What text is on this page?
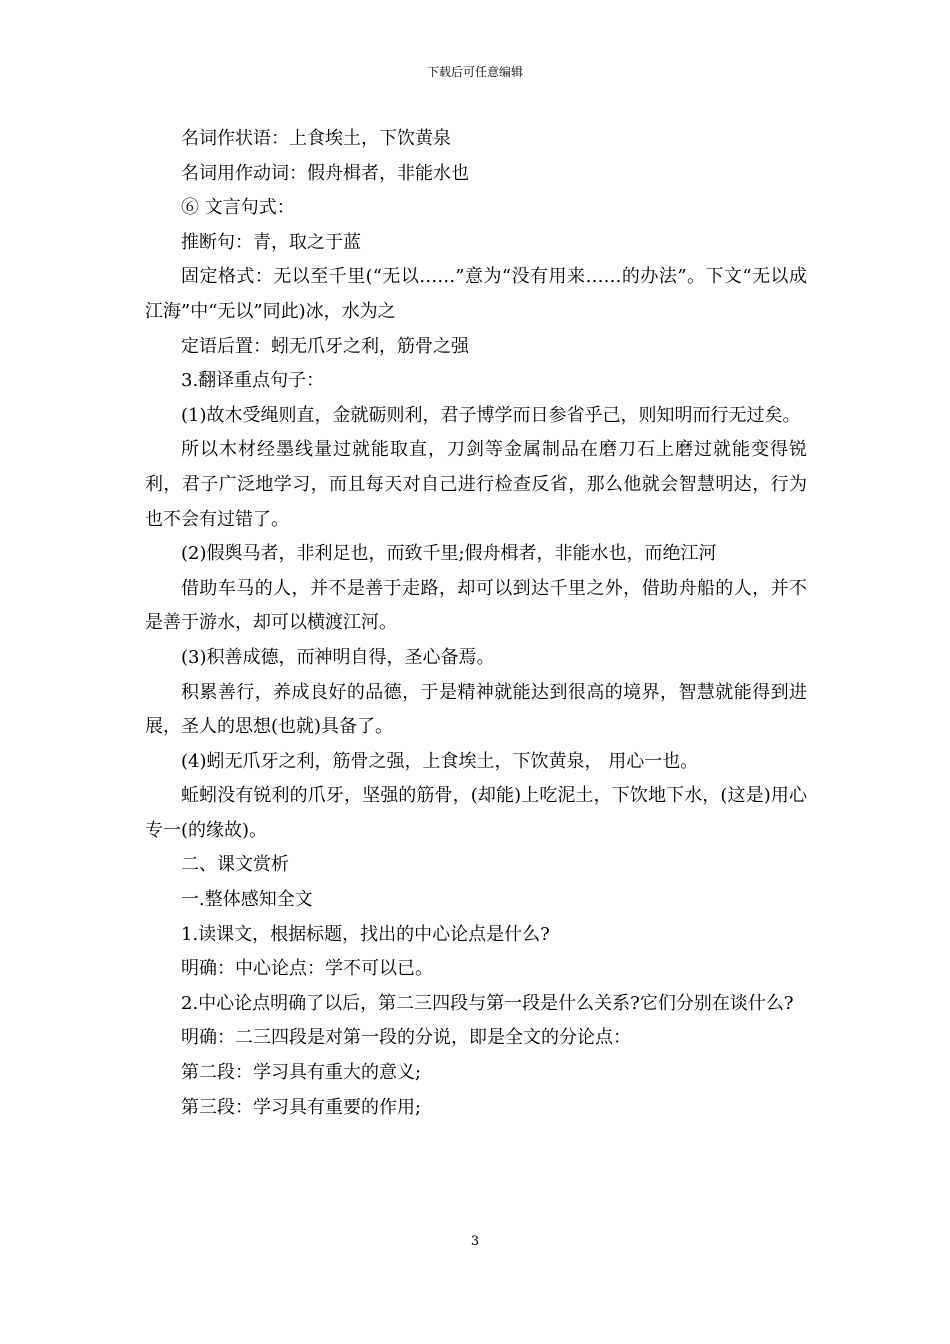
下载后可任意编辑

名词作状语：上食埃土，下饮黄泉

名词用作动词：假舟楫者，非能水也

⑥ 文言句式：

推断句：青，取之于蓝

固定格式：无以至千里(“无以……”意为“没有用来……的办法”。下文“无以成江海”中“无以”同此)冰，水为之

定语后置：蚓无爪牙之利，筋骨之强

3.翻译重点句子：

(1)故木受绳则直，金就砺则利，君子博学而日参省乎己，则知明而行无过矣。

所以木材经墨线量过就能取直，刀剑等金属制品在磨刀石上磨过就能变得锐利，君子广泛地学习，而且每天对自己进行检查反省，那么他就会智慧明达，行为也不会有过错了。

(2)假舆马者，非利足也，而致千里;假舟楫者，非能水也，而绝江河

借助车马的人，并不是善于走路，却可以到达千里之外，借助舟船的人，并不是善于游水，却可以横渡江河。

(3)积善成德，而神明自得，圣心备焉。

积累善行，养成良好的品德，于是精神就能达到很高的境界，智慧就能得到进展，圣人的思想(也就)具备了。

(4)蚓无爪牙之利，筋骨之强，上食埃土，下饮黄泉， 用心一也。

蚯蚓没有锐利的爪牙，坚强的筋骨，(却能)上吃泥土，下饮地下水，(这是)用心专一(的缘故)。

二、课文赏析

一.整体感知全文

1.读课文，根据标题，找出的中心论点是什么?

明确：中心论点：学不可以已。

2.中心论点明确了以后，第二三四段与第一段是什么关系?它们分别在谈什么?

明确：二三四段是对第一段的分说，即是全文的分论点：

第二段：学习具有重大的意义;

第三段：学习具有重要的作用;

3
